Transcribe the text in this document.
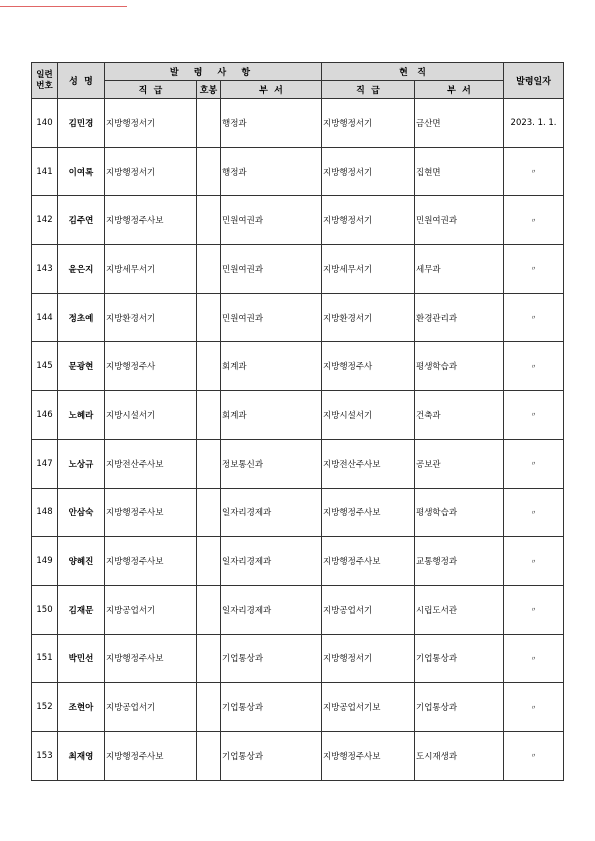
일련
번호	성  명	발 령 사 항			현   직		발령일자
		직  급	호봉	부  서	직  급	부  서	
140	김민경	지방행정서기		행정과	지방행정서기	금산면	2023. 1. 1.
141	이여록	지방행정서기		행정과	지방행정서기	집현면	〃
142	김주연	지방행정주사보		민원여권과	지방행정서기	민원여권과	〃
143	윤은지	지방세무서기		민원여권과	지방세무서기	세무과	〃
144	정초예	지방환경서기		민원여권과	지방환경서기	환경관리과	〃
145	문광현	지방행정주사		회계과	지방행정주사	평생학습과	〃
146	노혜라	지방시설서기		회계과	지방시설서기	건축과	〃
147	노상규	지방전산주사보		정보통신과	지방전산주사보	공보관	〃
148	안삼숙	지방행정주사보		일자리경제과	지방행정주사보	평생학습과	〃
149	양혜진	지방행정주사보		일자리경제과	지방행정주사보	교통행정과	〃
150	김재문	지방공업서기		일자리경제과	지방공업서기	시립도서관	〃
151	박민선	지방행정주사보		기업통상과	지방행정서기	기업통상과	〃
152	조현아	지방공업서기		기업통상과	지방공업서기보	기업통상과	〃
153	최재영	지방행정주사보		기업통상과	지방행정주사보	도시재생과	〃
